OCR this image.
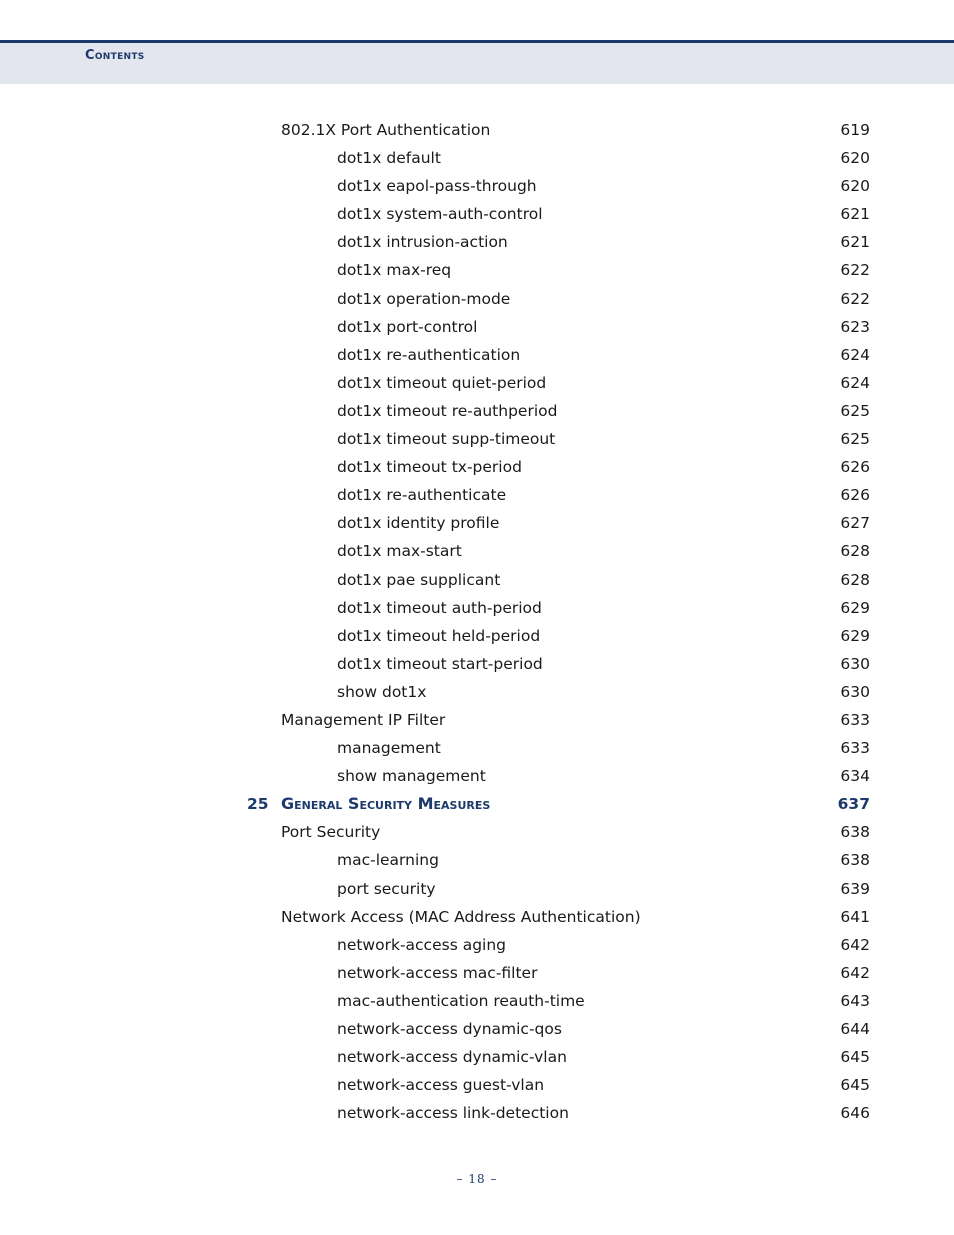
Contents
802.1X Port Authentication	619
dot1x default	620
dot1x eapol-pass-through	620
dot1x system-auth-control	621
dot1x intrusion-action	621
dot1x max-req	622
dot1x operation-mode	622
dot1x port-control	623
dot1x re-authentication	624
dot1x timeout quiet-period	624
dot1x timeout re-authperiod	625
dot1x timeout supp-timeout	625
dot1x timeout tx-period	626
dot1x re-authenticate	626
dot1x identity profile	627
dot1x max-start	628
dot1x pae supplicant	628
dot1x timeout auth-period	629
dot1x timeout held-period	629
dot1x timeout start-period	630
show dot1x	630
Management IP Filter	633
management	633
show management	634
25 General Security Measures	637
Port Security	638
mac-learning	638
port security	639
Network Access (MAC Address Authentication)	641
network-access aging	642
network-access mac-filter	642
mac-authentication reauth-time	643
network-access dynamic-qos	644
network-access dynamic-vlan	645
network-access guest-vlan	645
network-access link-detection	646
– 18 –
